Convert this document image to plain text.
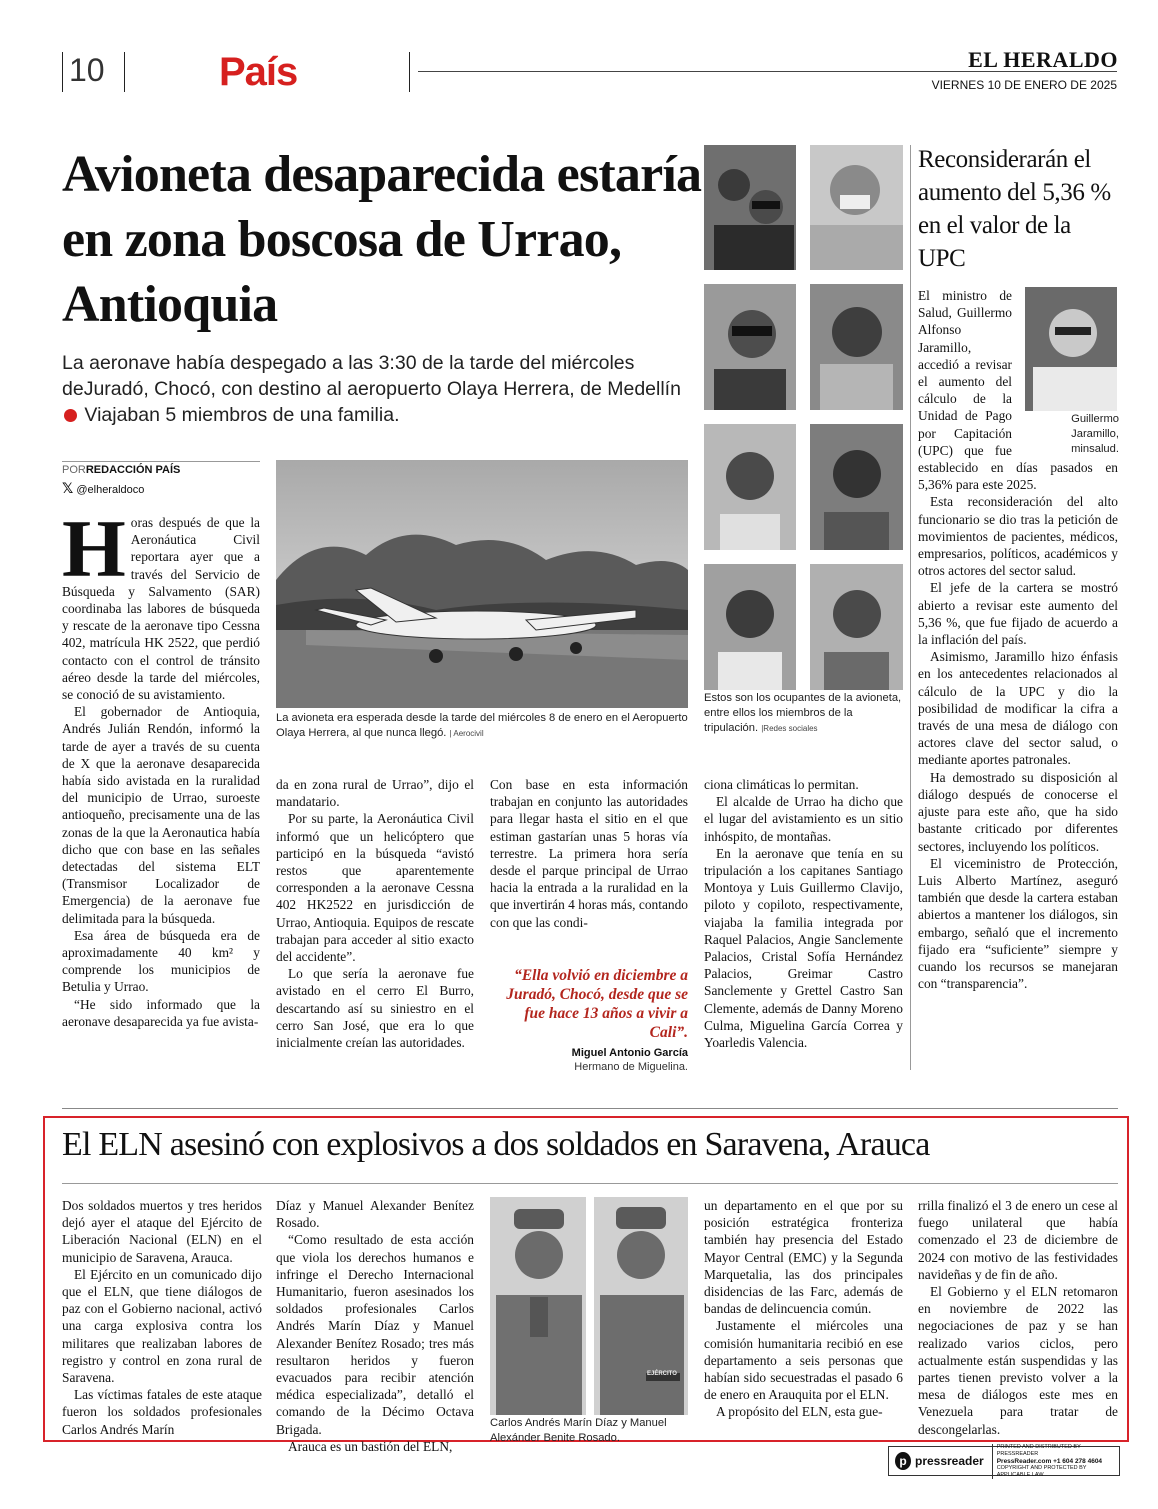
10	País	EL HERALDO
VIERNES 10 DE ENERO DE 2025
Avioneta desaparecida estaría en zona boscosa de Urrao, Antioquia
La aeronave había despegado a las 3:30 de la tarde del miércoles deJuradó, Chocó, con destino al aeropuerto Olaya Herrera, de Medellín  Viajaban 5 miembros de una familia.
PORREDACCIÓN PAÍS
𝕏 @elheraldoco

Horas después de que la Aeronáutica Civil reportara ayer que a través del Servicio de Búsqueda y Salvamento (SAR) coordinaba las labores de búsqueda y rescate de la aeronave tipo Cessna 402, matrícula HK 2522, que perdió contacto con el control de tránsito aéreo desde la tarde del miércoles, se conoció de su avistamiento.

El gobernador de Antioquia, Andrés Julián Rendón, informó la tarde de ayer a través de su cuenta de X que la aeronave desaparecida había sido avistada en la ruralidad del municipio de Urrao, suroeste antioqueño, precisamente una de las zonas de la que la Aeronautica había dicho que con base en las señales detectadas del sistema ELT (Transmisor Localizador de Emergencia) de la aeronave fue delimitada para la búsqueda.

Esa área de búsqueda era de aproximadamente 40 km² y comprende los municipios de Betulia y Urrao.

“He sido informado que la aeronave desaparecida ya fue avista-

La avioneta era esperada desde la tarde del miércoles 8 de enero en el Aeropuerto Olaya Herrera, al que nunca llegó. | Aerocivil

da en zona rural de Urrao”, dijo el mandatario.

Por su parte, la Aeronáutica Civil informó que un helicóptero que participó en la búsqueda “avistó restos que aparentemente corresponden a la aeronave Cessna 402 HK2522 en jurisdicción de Urrao, Antioquia. Equipos de rescate trabajan para acceder al sitio exacto del accidente”.

Lo que sería la aeronave fue avistado en el cerro El Burro, descartando así su siniestro en el cerro San José, que era lo que inicialmente creían las autoridades.

Con base en esta información trabajan en conjunto las autoridades para llegar hasta el sitio en el que estiman gastarían unas 5 horas vía terrestre. La primera hora sería desde el parque principal de Urrao hacia la entrada a la ruralidad en la que invertirán 4 horas más, contando con que las condi-

“Ella volvió en diciembre a Juradó, Chocó, desde que se fue hace 13 años a vivir a Cali”.
Miguel Antonio García
Hermano de Miguelina.

ciona climáticas lo permitan.

El alcalde de Urrao ha dicho que el lugar del avistamiento es un sitio inhóspito, de montañas.

En la aeronave que tenía en su tripulación a los capitanes Santiago Montoya y Luis Guillermo Clavijo, piloto y copiloto, respectivamente, viajaba la familia integrada por Raquel Palacios, Angie Sanclemente Palacios, Cristal Sofía Hernández Palacios, Greimar Castro Sanclemente y Grettel Castro San Clemente, además de Danny Moreno Culma, Miguelina García Correa y Yoarledis Valencia.

Estos son los ocupantes de la avioneta, entre ellos los miembros de la tripulación. |Redes sociales
Reconsiderarán el aumento del 5,36 % en el valor de la UPC
Guillermo Jaramillo, minsalud.

El ministro de Salud, Guillermo Alfonso Jaramillo, accedió a revisar el aumento del cálculo de la Unidad de Pago por Capitación (UPC) que fue establecido en días pasados en 5,36% para este 2025.

Esta reconsideración del alto funcionario se dio tras la petición de movimientos de pacientes, médicos, empresarios, políticos, académicos y otros actores del sector salud.

El jefe de la cartera se mostró abierto a revisar este aumento del 5,36 %, que fue fijado de acuerdo a la inflación del país.

Asimismo, Jaramillo hizo énfasis en los antecedentes relacionados al cálculo de la UPC y dio la posibilidad de modificar la cifra a través de una mesa de diálogo con actores clave del sector salud, o mediante aportes patronales.

Ha demostrado su disposición al diálogo después de conocerse el ajuste para este año, que ha sido bastante criticado por diferentes sectores, incluyendo los políticos.

El viceministro de Protección, Luis Alberto Martínez, aseguró también que desde la cartera estaban abiertos a mantener los diálogos, sin embargo, señaló que el incremento fijado era “suficiente” siempre y cuando los recursos se manejaran con “transparencia”.

El ELN asesinó con explosivos a dos soldados en Saravena, Arauca

Dos soldados muertos y tres heridos dejó ayer el ataque del Ejército de Liberación Nacional (ELN) en el municipio de Saravena, Arauca.

El Ejército en un comunicado dijo que el ELN, que tiene diálogos de paz con el Gobierno nacional, activó una carga explosiva contra los militares que realizaban labores de registro y control en zona rural de Saravena.

Las víctimas fatales de este ataque fueron los soldados profesionales Carlos Andrés Marín

Díaz y Manuel Alexander Benítez Rosado.

“Como resultado de esta acción que viola los derechos humanos e infringe el Derecho Internacional Humanitario, fueron asesinados los soldados profesionales Carlos Andrés Marín Díaz y Manuel Alexander Benítez Rosado; tres más resultaron heridos y fueron evacuados para recibir atención médica especializada”, detalló el comando de la Décimo Octava Brigada.

Arauca es un bastión del ELN,

EJÉRCITO
Carlos Andrés Marín Díaz y Manuel Alexánder Benite Rosado.

un departamento en el que por su posición estratégica fronteriza también hay presencia del Estado Mayor Central (EMC) y la Segunda Marquetalia, las dos principales disidencias de las Farc, además de bandas de delincuencia común.

Justamente el miércoles una comisión humanitaria recibió en ese departamento a seis personas que habían sido secuestradas el pasado 6 de enero en Arauquita por el ELN.

A propósito del ELN, esta gue-

rrilla finalizó el 3 de enero un cese al fuego unilateral que había comenzado el 23 de diciembre de 2024 con motivo de las festividades navideñas y de fin de año.

El Gobierno y el ELN retomaron en noviembre de 2022 las negociaciones de paz y se han realizado varios ciclos, pero actualmente están suspendidas y las partes tienen previsto volver a la mesa de diálogos este mes en Venezuela para tratar de descongelarlas.

p pressreader
PRINTED AND DISTRIBUTED BY PRESSREADER
PressReader.com +1 604 278 4604
COPYRIGHT AND PROTECTED BY APPLICABLE LAW
